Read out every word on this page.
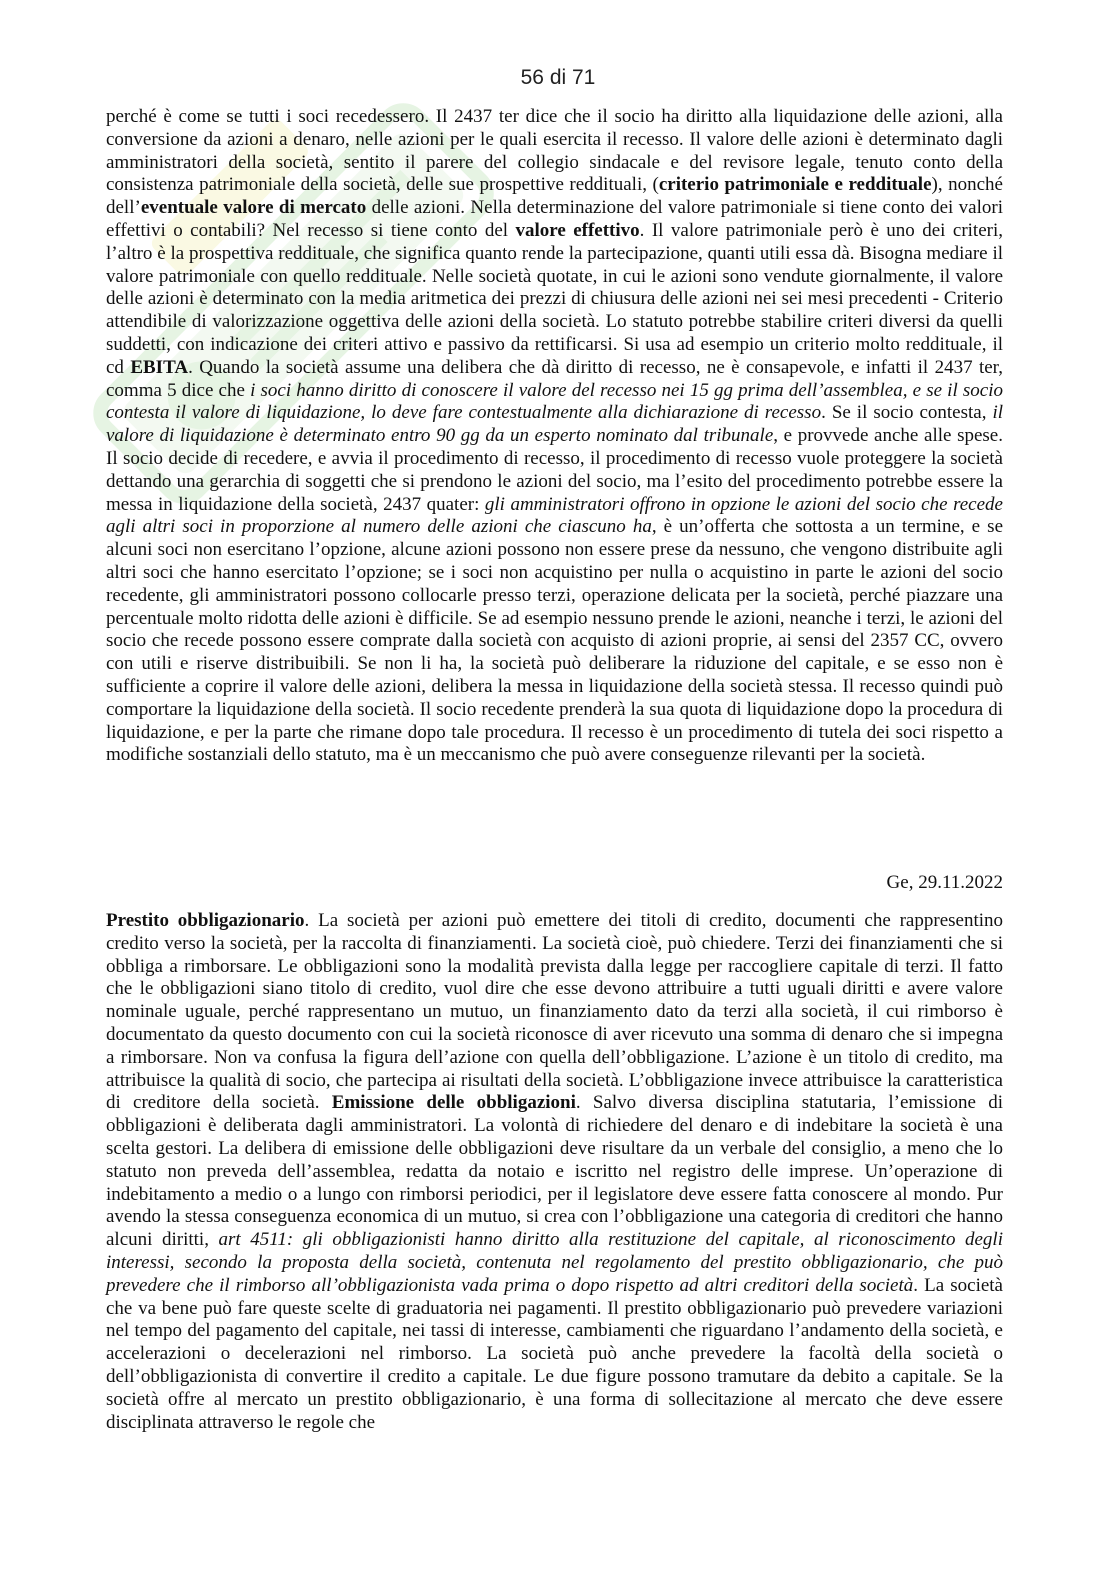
56 di 71

perché è come se tutti i soci recedessero. Il 2437 ter dice che il socio ha diritto alla liquidazione delle azioni, alla conversione da azioni a denaro, nelle azioni per le quali esercita il recesso. Il valore delle azioni è determinato dagli amministratori della società, sentito il parere del collegio sindacale e del revisore legale, tenuto conto della consistenza patrimoniale della società, delle sue prospettive reddituali, (criterio patrimoniale e reddituale), nonché dell’eventuale valore di mercato delle azioni. Nella determinazione del valore patrimoniale si tiene conto dei valori effettivi o contabili? Nel recesso si tiene conto del valore effettivo. Il valore patrimoniale però è uno dei criteri, l’altro è la prospettiva reddituale, che significa quanto rende la partecipazione, quanti utili essa dà. Bisogna mediare il valore patrimoniale con quello reddituale. Nelle società quotate, in cui le azioni sono vendute giornalmente, il valore delle azioni è determinato con la media aritmetica dei prezzi di chiusura delle azioni nei sei mesi precedenti - Criterio attendibile di valorizzazione oggettiva delle azioni della società. Lo statuto potrebbe stabilire criteri diversi da quelli suddetti, con indicazione dei criteri attivo e passivo da rettificarsi. Si usa ad esempio un criterio molto reddituale, il cd EBITA. Quando la società assume una delibera che dà diritto di recesso, ne è consapevole, e infatti il 2437 ter, comma 5 dice che i soci hanno diritto di conoscere il valore del recesso nei 15 gg prima dell’assemblea, e se il socio contesta il valore di liquidazione, lo deve fare contestualmente alla dichiarazione di recesso. Se il socio contesta, il valore di liquidazione è determinato entro 90 gg da un esperto nominato dal tribunale, e provvede anche alle spese. Il socio decide di recedere, e avvia il procedimento di recesso, il procedimento di recesso vuole proteggere la società dettando una gerarchia di soggetti che si prendono le azioni del socio, ma l’esito del procedimento potrebbe essere la messa in liquidazione della società, 2437 quater: gli amministratori offrono in opzione le azioni del socio che recede agli altri soci in proporzione al numero delle azioni che ciascuno ha, è un’offerta che sottosta a un termine, e se alcuni soci non esercitano l’opzione, alcune azioni possono non essere prese da nessuno, che vengono distribuite agli altri soci che hanno esercitato l’opzione; se i soci non acquistino per nulla o acquistino in parte le azioni del socio recedente, gli amministratori possono collocarle presso terzi, operazione delicata per la società, perché piazzare una percentuale molto ridotta delle azioni è difficile. Se ad esempio nessuno prende le azioni, neanche i terzi, le azioni del socio che recede possono essere comprate dalla società con acquisto di azioni proprie, ai sensi del 2357 CC, ovvero con utili e riserve distribuibili. Se non li ha, la società può deliberare la riduzione del capitale, e se esso non è sufficiente a coprire il valore delle azioni, delibera la messa in liquidazione della società stessa. Il recesso quindi può comportare la liquidazione della società. Il socio recedente prenderà la sua quota di liquidazione dopo la procedura di liquidazione, e per la parte che rimane dopo tale procedura. Il recesso è un procedimento di tutela dei soci rispetto a modifiche sostanziali dello statuto, ma è un meccanismo che può avere conseguenze rilevanti per la società.

Ge, 29.11.2022

Prestito obbligazionario. La società per azioni può emettere dei titoli di credito, documenti che rappresentino credito verso la società, per la raccolta di finanziamenti. La società cioè, può chiedere. Terzi dei finanziamenti che si obbliga a rimborsare. Le obbligazioni sono la modalità prevista dalla legge per raccogliere capitale di terzi. Il fatto che le obbligazioni siano titolo di credito, vuol dire che esse devono attribuire a tutti uguali diritti e avere valore nominale uguale, perché rappresentano un mutuo, un finanziamento dato da terzi alla società, il cui rimborso è documentato da questo documento con cui la società riconosce di aver ricevuto una somma di denaro che si impegna a rimborsare. Non va confusa la figura dell’azione con quella dell’obbligazione. L’azione è un titolo di credito, ma attribuisce la qualità di socio, che partecipa ai risultati della società. L’obbligazione invece attribuisce la caratteristica di creditore della società. Emissione delle obbligazioni. Salvo diversa disciplina statutaria, l’emissione di obbligazioni è deliberata dagli amministratori. La volontà di richiedere del denaro e di indebitare la società è una scelta gestori. La delibera di emissione delle obbligazioni deve risultare da un verbale del consiglio, a meno che lo statuto non preveda dell’assemblea, redatta da notaio e iscritto nel registro delle imprese. Un’operazione di indebitamento a medio o a lungo con rimborsi periodici, per il legislatore deve essere fatta conoscere al mondo. Pur avendo la stessa conseguenza economica di un mutuo, si crea con l’obbligazione una categoria di creditori che hanno alcuni diritti, art 4511: gli obbligazionisti hanno diritto alla restituzione del capitale, al riconoscimento degli interessi, secondo la proposta della società, contenuta nel regolamento del prestito obbligazionario, che può prevedere che il rimborso all’obbligazionista vada prima o dopo rispetto ad altri creditori della società. La società che va bene può fare queste scelte di graduatoria nei pagamenti. Il prestito obbligazionario può prevedere variazioni nel tempo del pagamento del capitale, nei tassi di interesse, cambiamenti che riguardano l’andamento della società, e accelerazioni o decelerazioni nel rimborso. La società può anche prevedere la facoltà della società o dell’obbligazionista di convertire il credito a capitale. Le due figure possono tramutare da debito a capitale. Se la società offre al mercato un prestito obbligazionario, è una forma di sollecitazione al mercato che deve essere disciplinata attraverso le regole che
